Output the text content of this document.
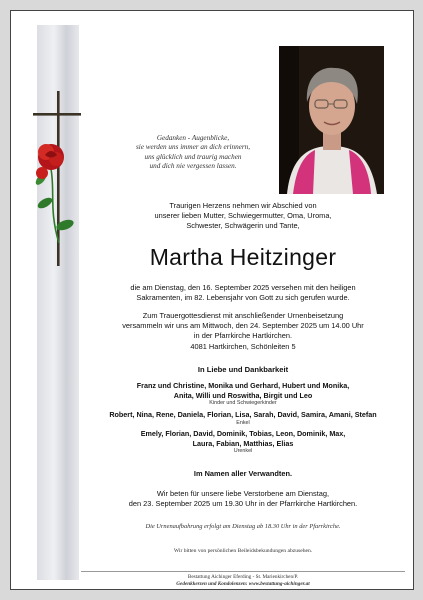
Gedanken - Augenblicke,
sie werden uns immer an dich erinnern,
uns glücklich und traurig machen
und dich nie vergessen lassen.
Traurigen Herzens nehmen wir Abschied von
unserer lieben Mutter, Schwiegermutter, Oma, Uroma,
Schwester, Schwägerin und Tante,
Martha Heitzinger
die am Dienstag, den 16. September 2025 versehen mit den heiligen
Sakramenten, im 82. Lebensjahr von Gott zu sich gerufen wurde.
Zum Trauergottesdienst mit anschließender Urnenbeisetzung
versammeln wir uns am Mittwoch, den 24. September 2025 um 14.00 Uhr
in der Pfarrkirche Hartkirchen.
4081 Hartkirchen, Schönleiten 5
In Liebe und Dankbarkeit
Franz und Christine, Monika und Gerhard, Hubert und Monika,
Anita, Willi und Roswitha, Birgit und Leo
Kinder und Schwiegerkinder
Robert, Nina, Rene, Daniela, Florian, Lisa, Sarah, David, Samira, Amani, Stefan
Enkel
Emely, Florian, David, Dominik, Tobias, Leon, Dominik, Max,
Laura, Fabian, Matthias, Elias
Urenkel
Im Namen aller Verwandten.
Wir beten für unsere liebe Verstorbene am Dienstag,
den 23. September 2025 um 19.30 Uhr in der Pfarrkirche Hartkirchen.
Die Urnenaufbahrung erfolgt am Dienstag ab 18.30 Uhr in der Pfarrkirche.
Wir bitten von persönlichen Beileidsbekundungen abzusehen.
Bestattung Aichinger Eferding - St. Marienkirchen/P.
Gedenkkerzen und Kondolenzen: www.bestattung-aichinger.at
